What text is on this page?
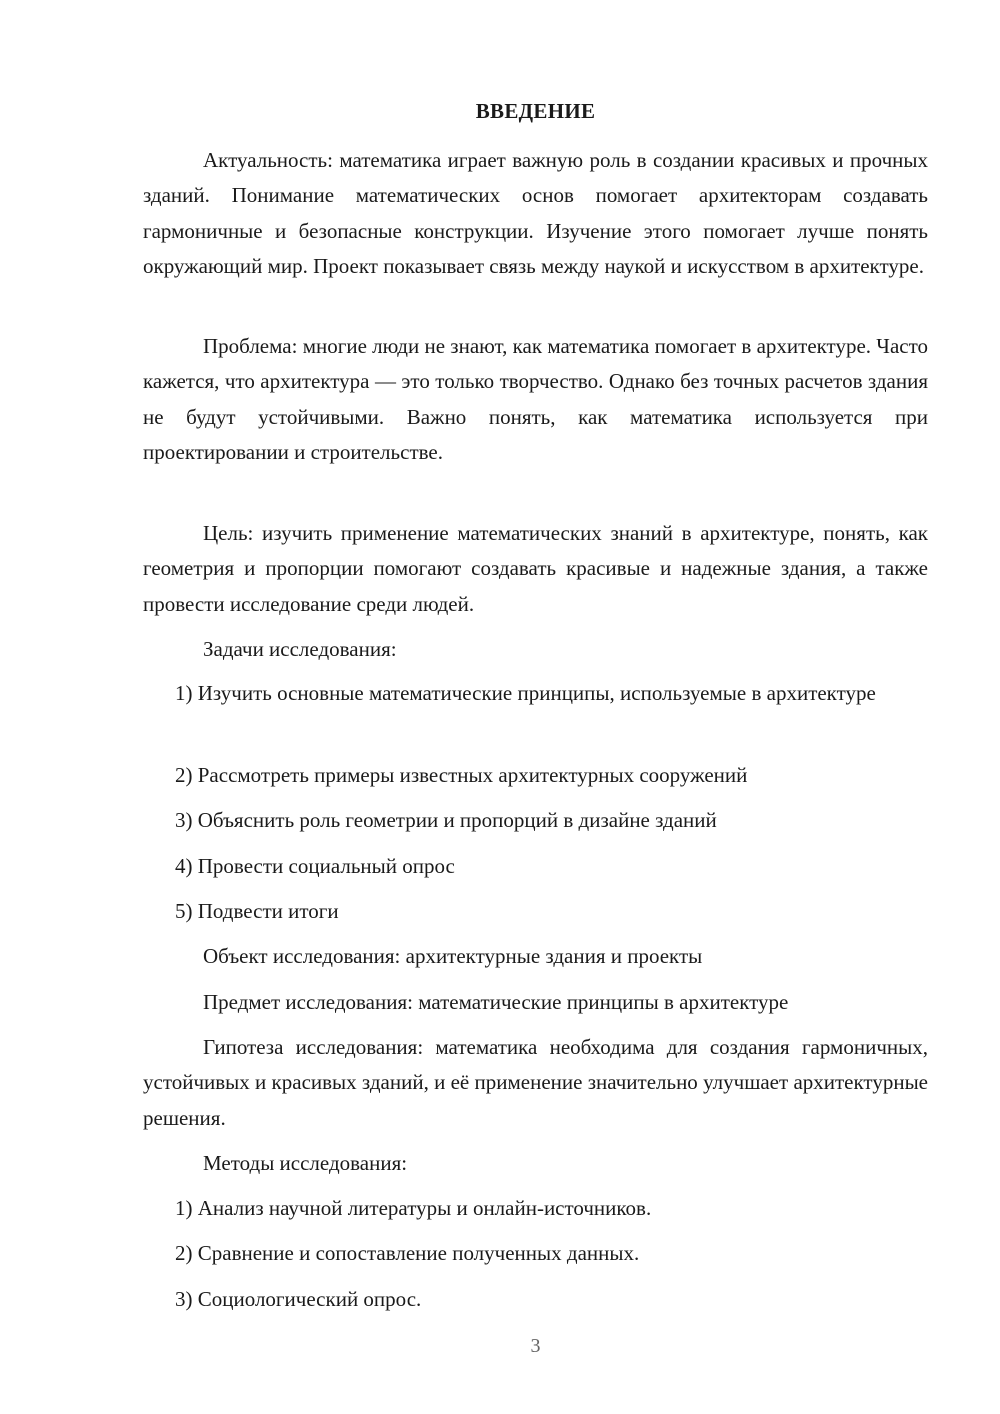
ВВЕДЕНИЕ

Актуальность: математика играет важную роль в создании красивых и прочных зданий. Понимание математических основ помогает архитекторам создавать гармоничные и безопасные конструкции. Изучение этого помогает лучше понять окружающий мир. Проект показывает связь между наукой и искусством в архитектуре.

Проблема: многие люди не знают, как математика помогает в архитектуре. Часто кажется, что архитектура — это только творчество. Однако без точных расчетов здания не будут устойчивыми. Важно понять, как математика используется при проектировании и строительстве.

Цель: изучить применение математических знаний в архитектуре, понять, как геометрия и пропорции помогают создавать красивые и надежные здания, а также провести исследование среди людей.

Задачи исследования:

1) Изучить основные математические принципы, используемые в архитектуре

2) Рассмотреть примеры известных архитектурных сооружений

3) Объяснить роль геометрии и пропорций в дизайне зданий

4) Провести социальный опрос

5) Подвести итоги

Объект исследования: архитектурные здания и проекты

Предмет исследования: математические принципы в архитектуре

Гипотеза исследования: математика необходима для создания гармоничных, устойчивых и красивых зданий, и её применение значительно улучшает архитектурные решения.

Методы исследования:

1) Анализ научной литературы и онлайн-источников.

2) Сравнение и сопоставление полученных данных.

3) Социологический опрос.

3
